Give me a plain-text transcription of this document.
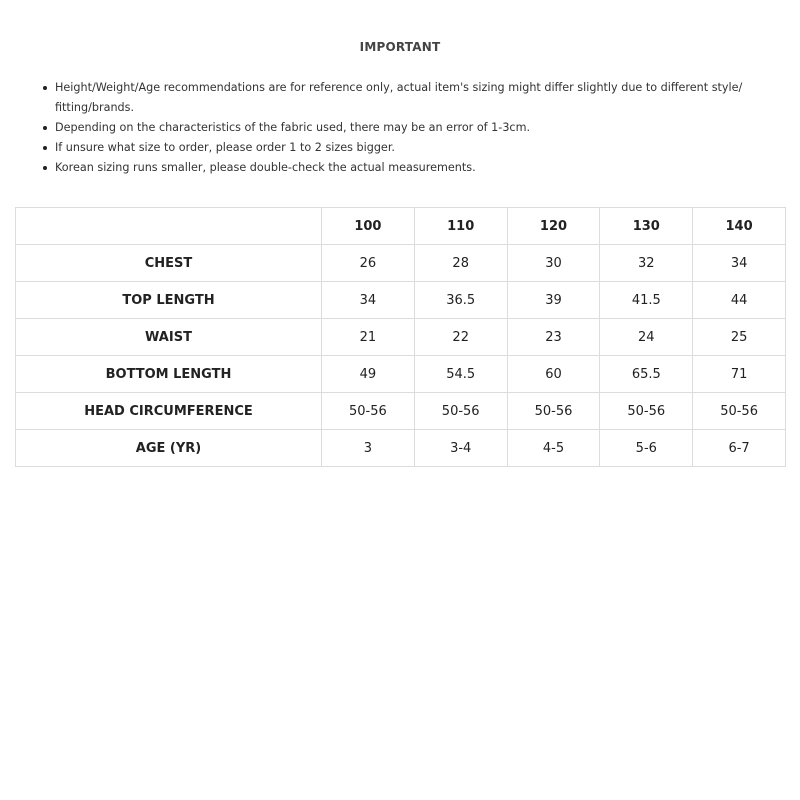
IMPORTANT
Height/Weight/Age recommendations are for reference only, actual item's sizing might differ slightly due to different style/ fitting/brands.
Depending on the characteristics of the fabric used, there may be an error of 1-3cm.
If unsure what size to order, please order 1 to 2 sizes bigger.
Korean sizing runs smaller, please double-check the actual measurements.
	100	110	120	130	140
CHEST	26	28	30	32	34
TOP LENGTH	34	36.5	39	41.5	44
WAIST	21	22	23	24	25
BOTTOM LENGTH	49	54.5	60	65.5	71
HEAD CIRCUMFERENCE	50-56	50-56	50-56	50-56	50-56
AGE (YR)	3	3-4	4-5	5-6	6-7
